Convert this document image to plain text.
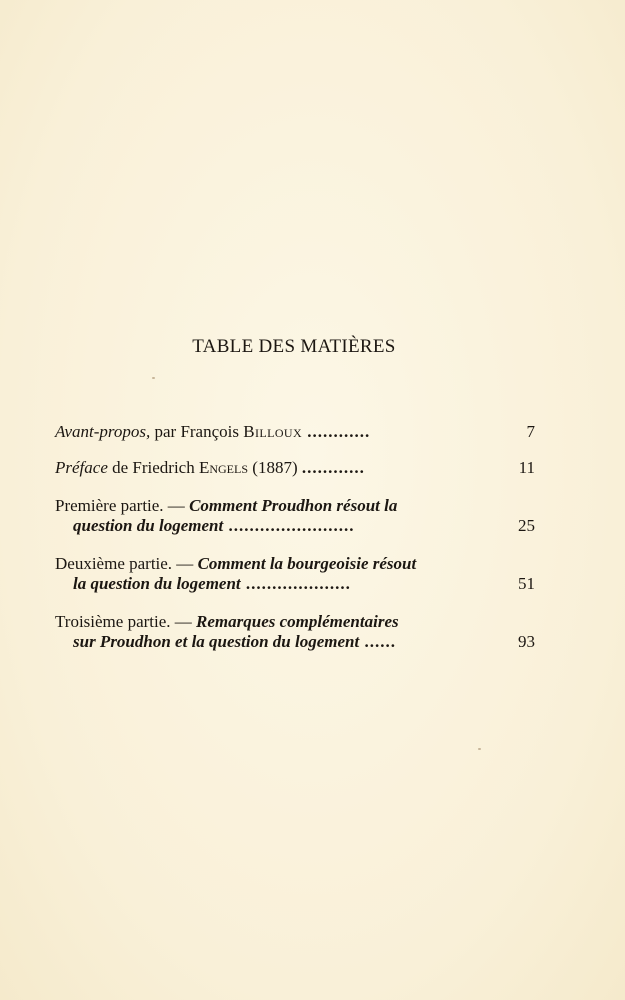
TABLE DES MATIÈRES
Avant-propos, par François Billoux ............	7
Préface de Friedrich Engels (1887) ............	11
Première partie. — Comment Proudhon résout la
question du logement ........................	25
Deuxième partie. — Comment la bourgeoisie résout
la question du logement ....................	51
Troisième partie. — Remarques complémentaires
sur Proudhon et la question du logement ......	93
